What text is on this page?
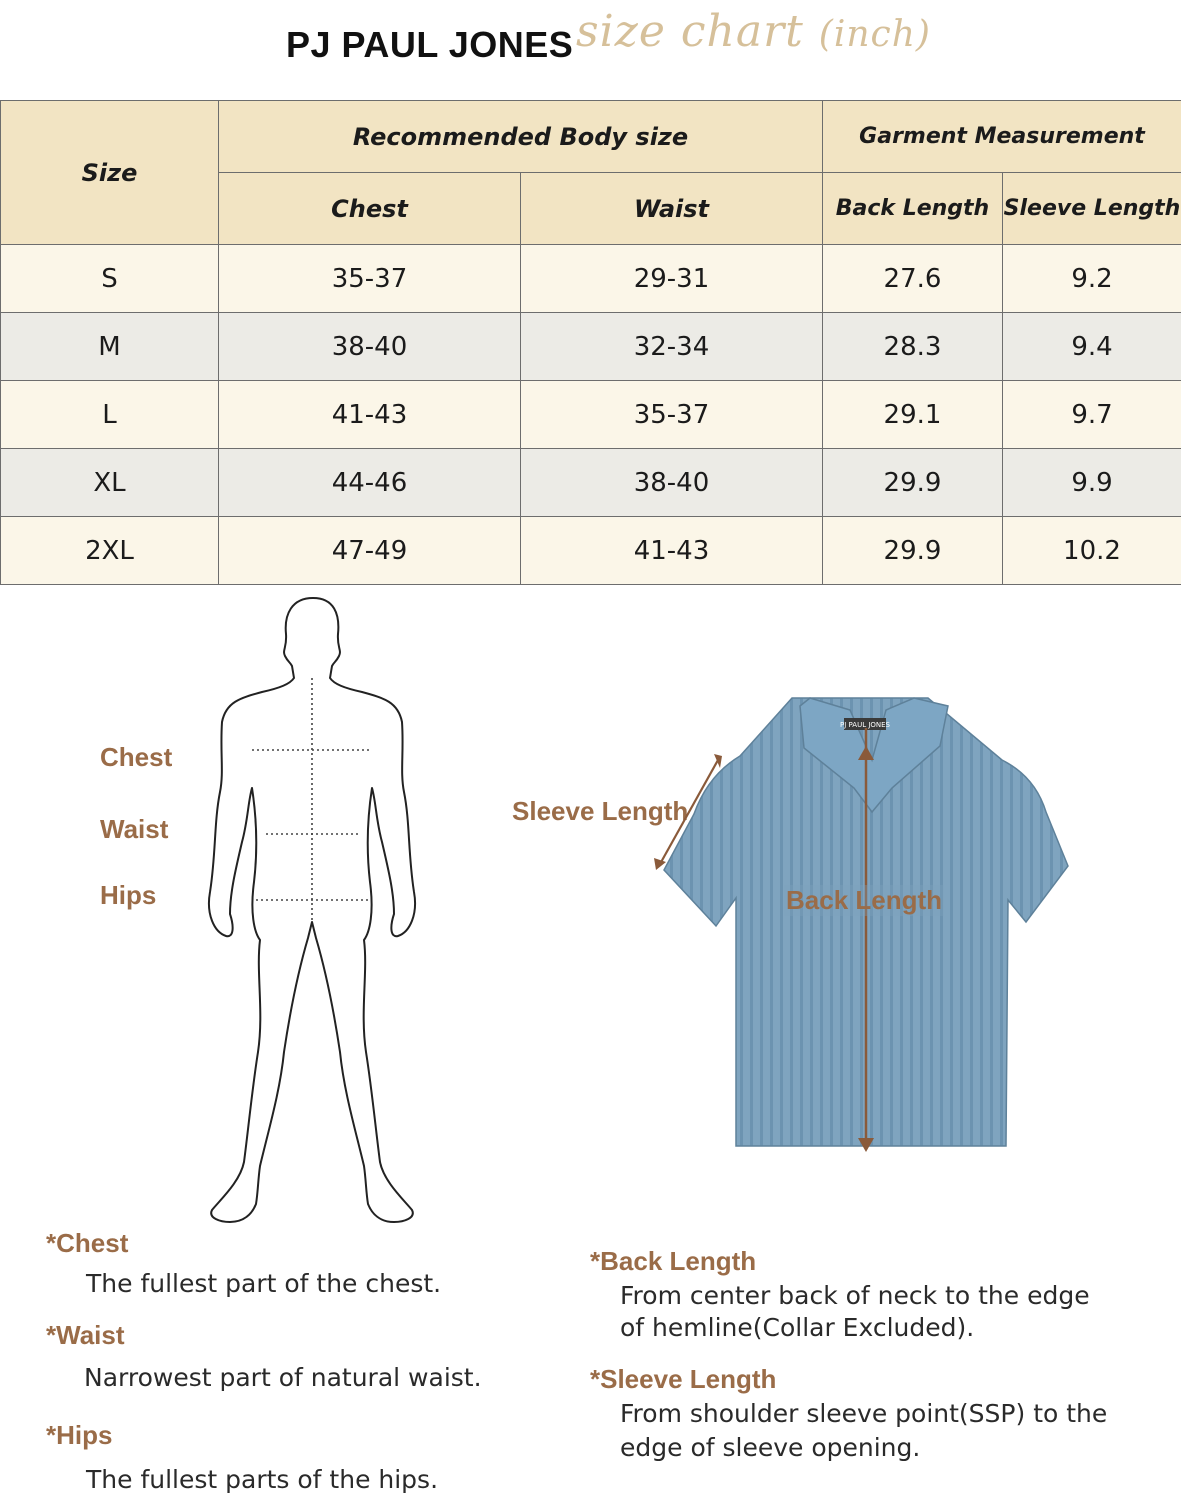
PJ PAUL JONES size chart (inch)
Size	Recommended Body size		Garment Measurement	
	Chest	Waist	Back Length	Sleeve Length
S	35-37	29-31	27.6	9.2
M	38-40	32-34	28.3	9.4
L	41-43	35-37	29.1	9.7
XL	44-46	38-40	29.9	9.9
2XL	47-49	41-43	29.9	10.2
Chest
Waist
Hips
Sleeve Length
PJ PAUL JONES
Back Length
*Chest
The fullest part of the chest.
*Waist
Narrowest part of natural waist.
*Hips
The fullest parts of the hips.
*Back Length
From center back of neck to the edge
of hemline(Collar Excluded).
*Sleeve Length
From shoulder sleeve point(SSP) to the
edge of sleeve opening.
